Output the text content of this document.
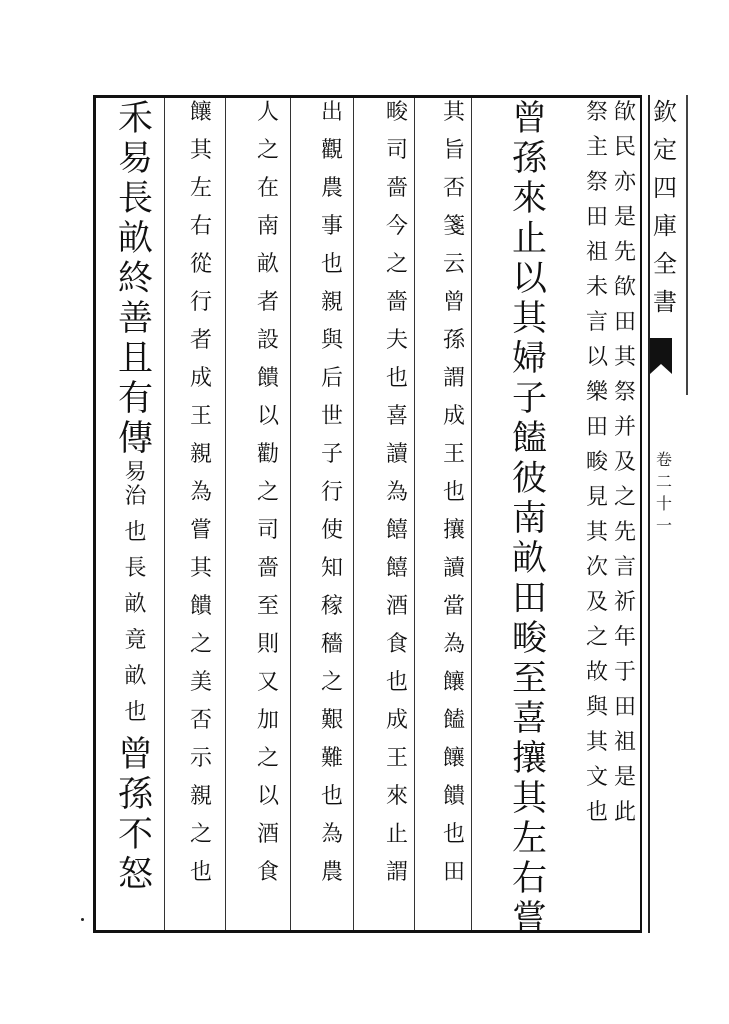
欽
定
四
庫
全
書
卷
二
十
一
欿
民
亦
是
先
欿
田
其
祭
并
及
之
先
言
祈
年
于
田
祖
是
此
祭
主
祭
田
祖
未
言
以
樂
田
畯
見
其
次
及
之
故
與
其
文
也
曾
孫
來
止
以
其
婦
子
饁
彼
南
畝
田
畯
至
喜
攘
其
左
右
嘗
其
旨
否
箋
云
曾
孫
謂
成
王
也
攘
讀
當
為
饟
饁
饟
饋
也
田
畯
司
嗇
今
之
嗇
夫
也
喜
讀
為
饎
饎
酒
食
也
成
王
來
止
謂
出
觀
農
事
也
親
與
后
世
子
行
使
知
稼
穡
之
艱
難
也
為
農
人
之
在
南
畝
者
設
饋
以
勸
之
司
嗇
至
則
又
加
之
以
酒
食
饟
其
左
右
從
行
者
成
王
親
為
嘗
其
饋
之
美
否
示
親
之
也
禾
易
長
畝
終
善
且
有
傳
易
治
也
長
畝
竟
畝
也
曾
孫
不
怒
